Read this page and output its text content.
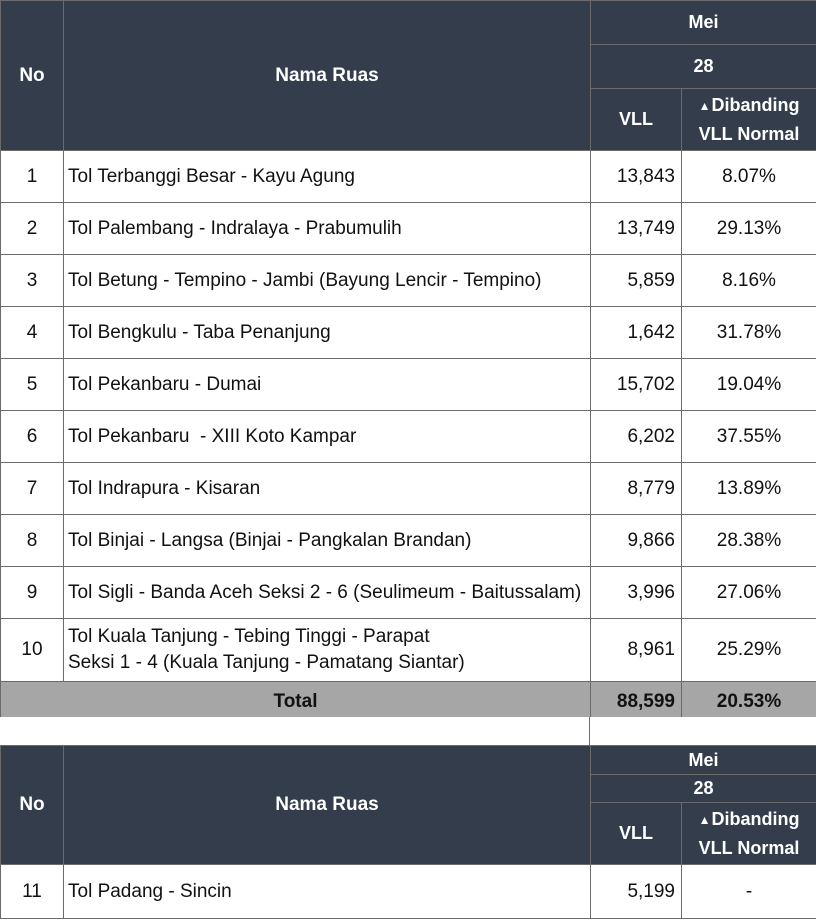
No	Nama Ruas	Mei	
		28	
		VLL	▲Dibanding
VLL Normal
1	Tol Terbanggi Besar - Kayu Agung	13,843	8.07%
2	Tol Palembang - Indralaya - Prabumulih	13,749	29.13%
3	Tol Betung - Tempino - Jambi (Bayung Lencir - Tempino)	5,859	8.16%
4	Tol Bengkulu - Taba Penanjung	1,642	31.78%
5	Tol Pekanbaru - Dumai	15,702	19.04%
6	Tol Pekanbaru  - XIII Koto Kampar	6,202	37.55%
7	Tol Indrapura - Kisaran	8,779	13.89%
8	Tol Binjai - Langsa (Binjai - Pangkalan Brandan)	9,866	28.38%
9	Tol Sigli - Banda Aceh Seksi 2 - 6 (Seulimeum - Baitussalam)	3,996	27.06%
10	Tol Kuala Tanjung - Tebing Tinggi - Parapat
Seksi 1 - 4 (Kuala Tanjung - Pamatang Siantar)	8,961	25.29%
Total		88,599	20.53%
No	Nama Ruas	Mei	
		28	
		VLL	▲Dibanding
VLL Normal
11	Tol Padang - Sincin	5,199	-
